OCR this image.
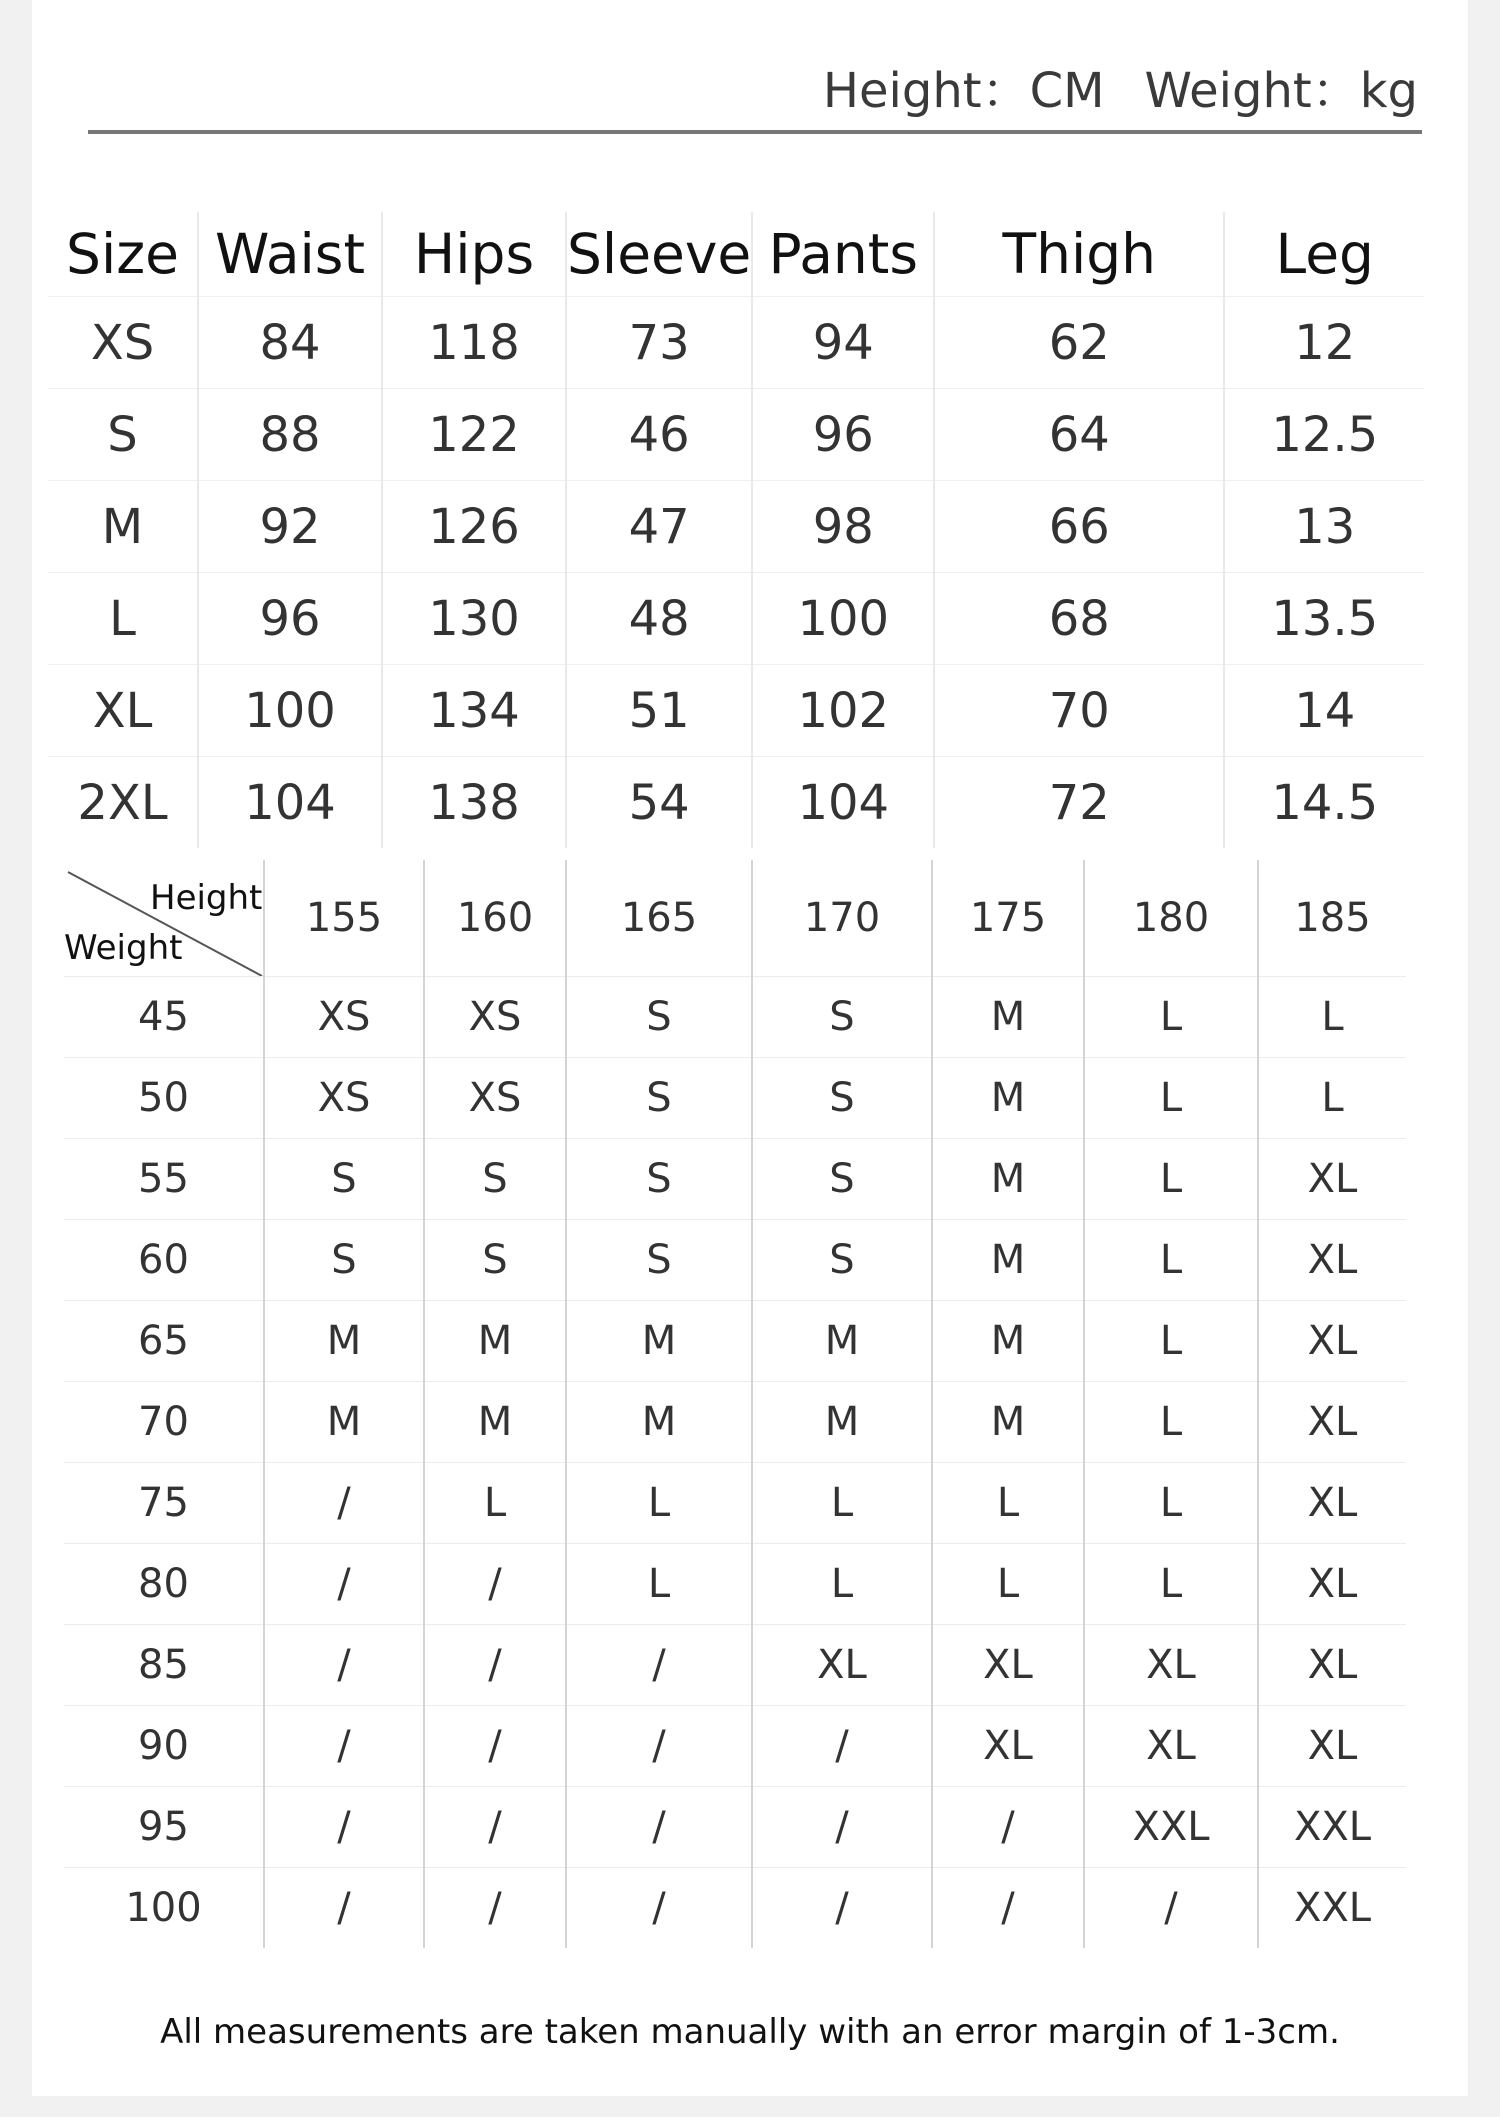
Height：CM Weight：kg
Size	Waist	Hips	Sleeve	Pants	Thigh	Leg
XS	84	118	73	94	62	12
S	88	122	46	96	64	12.5
M	92	126	47	98	66	13
L	96	130	48	100	68	13.5
XL	100	134	51	102	70	14
2XL	104	138	54	104	72	14.5
Height
Weight	155	160	165	170	175	180	185
45	XS	XS	S	S	M	L	L
50	XS	XS	S	S	M	L	L
55	S	S	S	S	M	L	XL
60	S	S	S	S	M	L	XL
65	M	M	M	M	M	L	XL
70	M	M	M	M	M	L	XL
75	/	L	L	L	L	L	XL
80	/	/	L	L	L	L	XL
85	/	/	/	XL	XL	XL	XL
90	/	/	/	/	XL	XL	XL
95	/	/	/	/	/	XXL	XXL
100	/	/	/	/	/	/	XXL
All measurements are taken manually with an error margin of 1-3cm.
